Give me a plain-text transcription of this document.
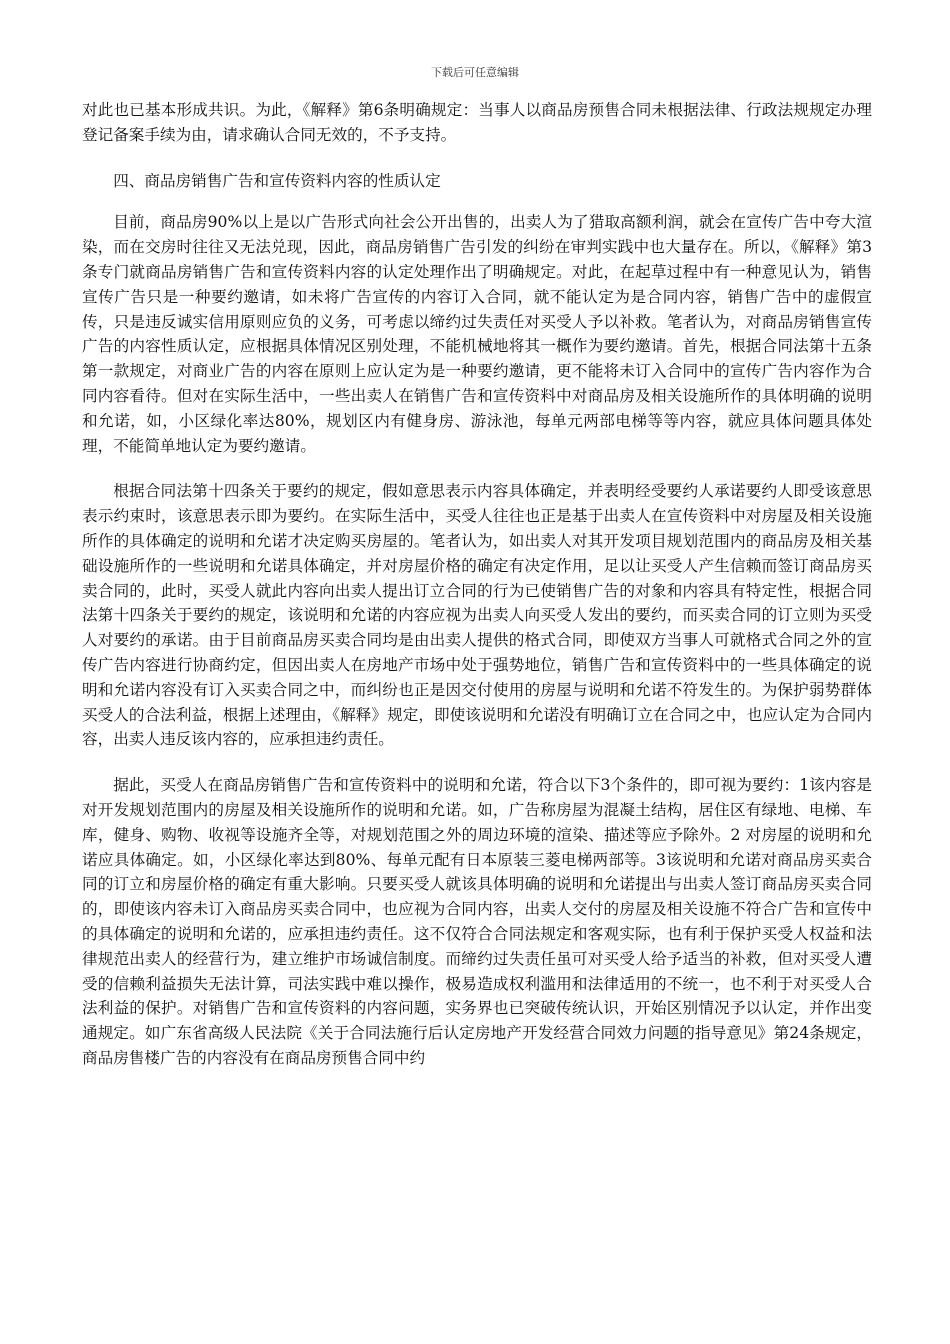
下载后可任意编辑

对此也已基本形成共识。为此，《解释》第6条明确规定：当事人以商品房预售合同未根据法律、行政法规规定办理登记备案手续为由，请求确认合同无效的，不予支持。

四、商品房销售广告和宣传资料内容的性质认定

目前，商品房90%以上是以广告形式向社会公开出售的，出卖人为了猎取高额利润，就会在宣传广告中夸大渲染，而在交房时往往又无法兑现，因此，商品房销售广告引发的纠纷在审判实践中也大量存在。所以，《解释》第3条专门就商品房销售广告和宣传资料内容的认定处理作出了明确规定。对此，在起草过程中有一种意见认为，销售宣传广告只是一种要约邀请，如未将广告宣传的内容订入合同，就不能认定为是合同内容，销售广告中的虚假宣传，只是违反诚实信用原则应负的义务，可考虑以缔约过失责任对买受人予以补救。笔者认为，对商品房销售宣传广告的内容性质认定，应根据具体情况区别处理，不能机械地将其一概作为要约邀请。首先，根据合同法第十五条第一款规定，对商业广告的内容在原则上应认定为是一种要约邀请，更不能将未订入合同中的宣传广告内容作为合同内容看待。但对在实际生活中，一些出卖人在销售广告和宣传资料中对商品房及相关设施所作的具体明确的说明和允诺，如，小区绿化率达80%，规划区内有健身房、游泳池，每单元两部电梯等等内容，就应具体问题具体处理，不能简单地认定为要约邀请。

根据合同法第十四条关于要约的规定，假如意思表示内容具体确定，并表明经受要约人承诺要约人即受该意思表示约束时，该意思表示即为要约。在实际生活中，买受人往往也正是基于出卖人在宣传资料中对房屋及相关设施所作的具体确定的说明和允诺才决定购买房屋的。笔者认为，如出卖人对其开发项目规划范围内的商品房及相关基础设施所作的一些说明和允诺具体确定，并对房屋价格的确定有决定作用，足以让买受人产生信赖而签订商品房买卖合同的，此时，买受人就此内容向出卖人提出订立合同的行为已使销售广告的对象和内容具有特定性，根据合同法第十四条关于要约的规定，该说明和允诺的内容应视为出卖人向买受人发出的要约，而买卖合同的订立则为买受人对要约的承诺。由于目前商品房买卖合同均是由出卖人提供的格式合同，即使双方当事人可就格式合同之外的宣传广告内容进行协商约定，但因出卖人在房地产市场中处于强势地位，销售广告和宣传资料中的一些具体确定的说明和允诺内容没有订入买卖合同之中，而纠纷也正是因交付使用的房屋与说明和允诺不符发生的。为保护弱势群体买受人的合法利益，根据上述理由，《解释》规定，即使该说明和允诺没有明确订立在合同之中，也应认定为合同内容，出卖人违反该内容的，应承担违约责任。

据此，买受人在商品房销售广告和宣传资料中的说明和允诺，符合以下3个条件的，即可视为要约：1该内容是对开发规划范围内的房屋及相关设施所作的说明和允诺。如，广告称房屋为混凝土结构，居住区有绿地、电梯、车库，健身、购物、收视等设施齐全等，对规划范围之外的周边环境的渲染、描述等应予除外。2 对房屋的说明和允诺应具体确定。如，小区绿化率达到80%、每单元配有日本原装三菱电梯两部等。3该说明和允诺对商品房买卖合同的订立和房屋价格的确定有重大影响。只要买受人就该具体明确的说明和允诺提出与出卖人签订商品房买卖合同的，即使该内容未订入商品房买卖合同中，也应视为合同内容，出卖人交付的房屋及相关设施不符合广告和宣传中的具体确定的说明和允诺的，应承担违约责任。这不仅符合合同法规定和客观实际，也有利于保护买受人权益和法律规范出卖人的经营行为，建立维护市场诚信制度。而缔约过失责任虽可对买受人给予适当的补救，但对买受人遭受的信赖利益损失无法计算，司法实践中难以操作，极易造成权利滥用和法律适用的不统一，也不利于对买受人合法利益的保护。对销售广告和宣传资料的内容问题，实务界也已突破传统认识，开始区别情况予以认定，并作出变通规定。如广东省高级人民法院《关于合同法施行后认定房地产开发经营合同效力问题的指导意见》第24条规定，商品房售楼广告的内容没有在商品房预售合同中约
